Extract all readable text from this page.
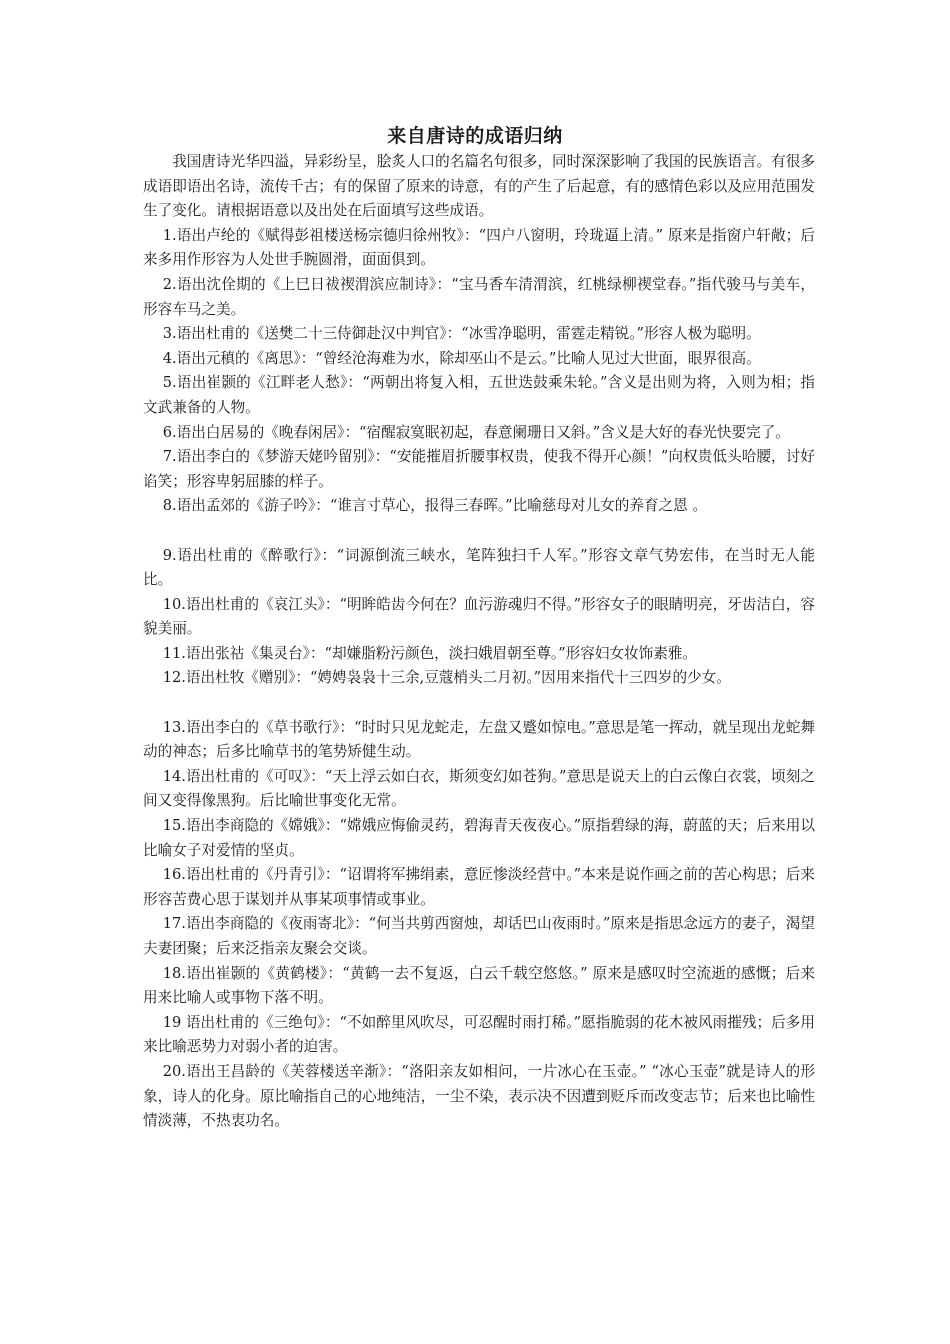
来自唐诗的成语归纳

我国唐诗光华四溢，异彩纷呈，脍炙人口的名篇名句很多，同时深深影响了我国的民族语言。有很多成语即语出名诗，流传千古；有的保留了原来的诗意，有的产生了后起意，有的感情色彩以及应用范围发生了变化。请根据语意以及出处在后面填写这些成语。

1.语出卢纶的《赋得彭祖楼送杨宗德归徐州牧》：“四户八窗明，玲珑逼上清。” 原来是指窗户轩敞；后来多用作形容为人处世手腕圆滑，面面俱到。

2.语出沈佺期的《上巳日祓禊渭滨应制诗》：“宝马香车清渭滨，红桃绿柳禊堂春。”指代骏马与美车，形容车马之美。

3.语出杜甫的《送樊二十三侍御赴汉中判官》：“冰雪净聪明，雷霆走精锐。”形容人极为聪明。

4.语出元稹的《离思》：“曾经沧海难为水，除却巫山不是云。”比喻人见过大世面，眼界很高。

5.语出崔颢的《江畔老人愁》：“两朝出将复入相，五世迭鼓乘朱轮。”含义是出则为将，入则为相；指文武兼备的人物。

6.语出白居易的《晚春闲居》：“宿醒寂寞眠初起，春意阑珊日又斜。”含义是大好的春光快要完了。

7.语出李白的《梦游天姥吟留别》：“安能摧眉折腰事权贵，使我不得开心颜！”向权贵低头哈腰，讨好谄笑；形容卑躬屈膝的样子。

8.语出孟郊的《游子吟》：“谁言寸草心，报得三春晖。”比喻慈母对儿女的养育之恩 。

9.语出杜甫的《醉歌行》：“词源倒流三峡水，笔阵独扫千人军。”形容文章气势宏伟，在当时无人能比。

10.语出杜甫的《哀江头》：“明眸皓齿今何在？血污游魂归不得。”形容女子的眼睛明亮，牙齿洁白，容貌美丽。

11.语出张祜《集灵台》：“却嫌脂粉污颜色，淡扫娥眉朝至尊。”形容妇女妆饰素雅。

12.语出杜牧《赠别》：“娉娉袅袅十三余,豆蔻梢头二月初。”因用来指代十三四岁的少女。

13.语出李白的《草书歌行》：“时时只见龙蛇走，左盘又蹙如惊电。”意思是笔一挥动，就呈现出龙蛇舞动的神态；后多比喻草书的笔势矫健生动。

14.语出杜甫的《可叹》：“天上浮云如白衣，斯须变幻如苍狗。”意思是说天上的白云像白衣裳，顷刻之间又变得像黑狗。后比喻世事变化无常。

15.语出李商隐的《嫦娥》：“嫦娥应悔偷灵药，碧海青天夜夜心。”原指碧绿的海，蔚蓝的天；后来用以比喻女子对爱情的坚贞。

16.语出杜甫的《丹青引》：“诏谓将军拂绢素，意匠惨淡经营中。”本来是说作画之前的苦心构思；后来形容苦费心思于谋划并从事某项事情或事业。

17.语出李商隐的《夜雨寄北》：“何当共剪西窗烛，却话巴山夜雨时。”原来是指思念远方的妻子，渴望夫妻团聚；后来泛指亲友聚会交谈。

18.语出崔颢的《黄鹤楼》：“黄鹤一去不复返，白云千载空悠悠。” 原来是感叹时空流逝的感慨；后来用来比喻人或事物下落不明。

19 语出杜甫的《三绝句》：“不如醉里风吹尽，可忍醒时雨打稀。”愿指脆弱的花木被风雨摧残；后多用来比喻恶势力对弱小者的迫害。

20.语出王昌龄的《芙蓉楼送辛渐》：“洛阳亲友如相问，一片冰心在玉壶。” “冰心玉壶”就是诗人的形象，诗人的化身。原比喻指自己的心地纯洁，一尘不染，表示决不因遭到贬斥而改变志节；后来也比喻性情淡薄，不热衷功名。
